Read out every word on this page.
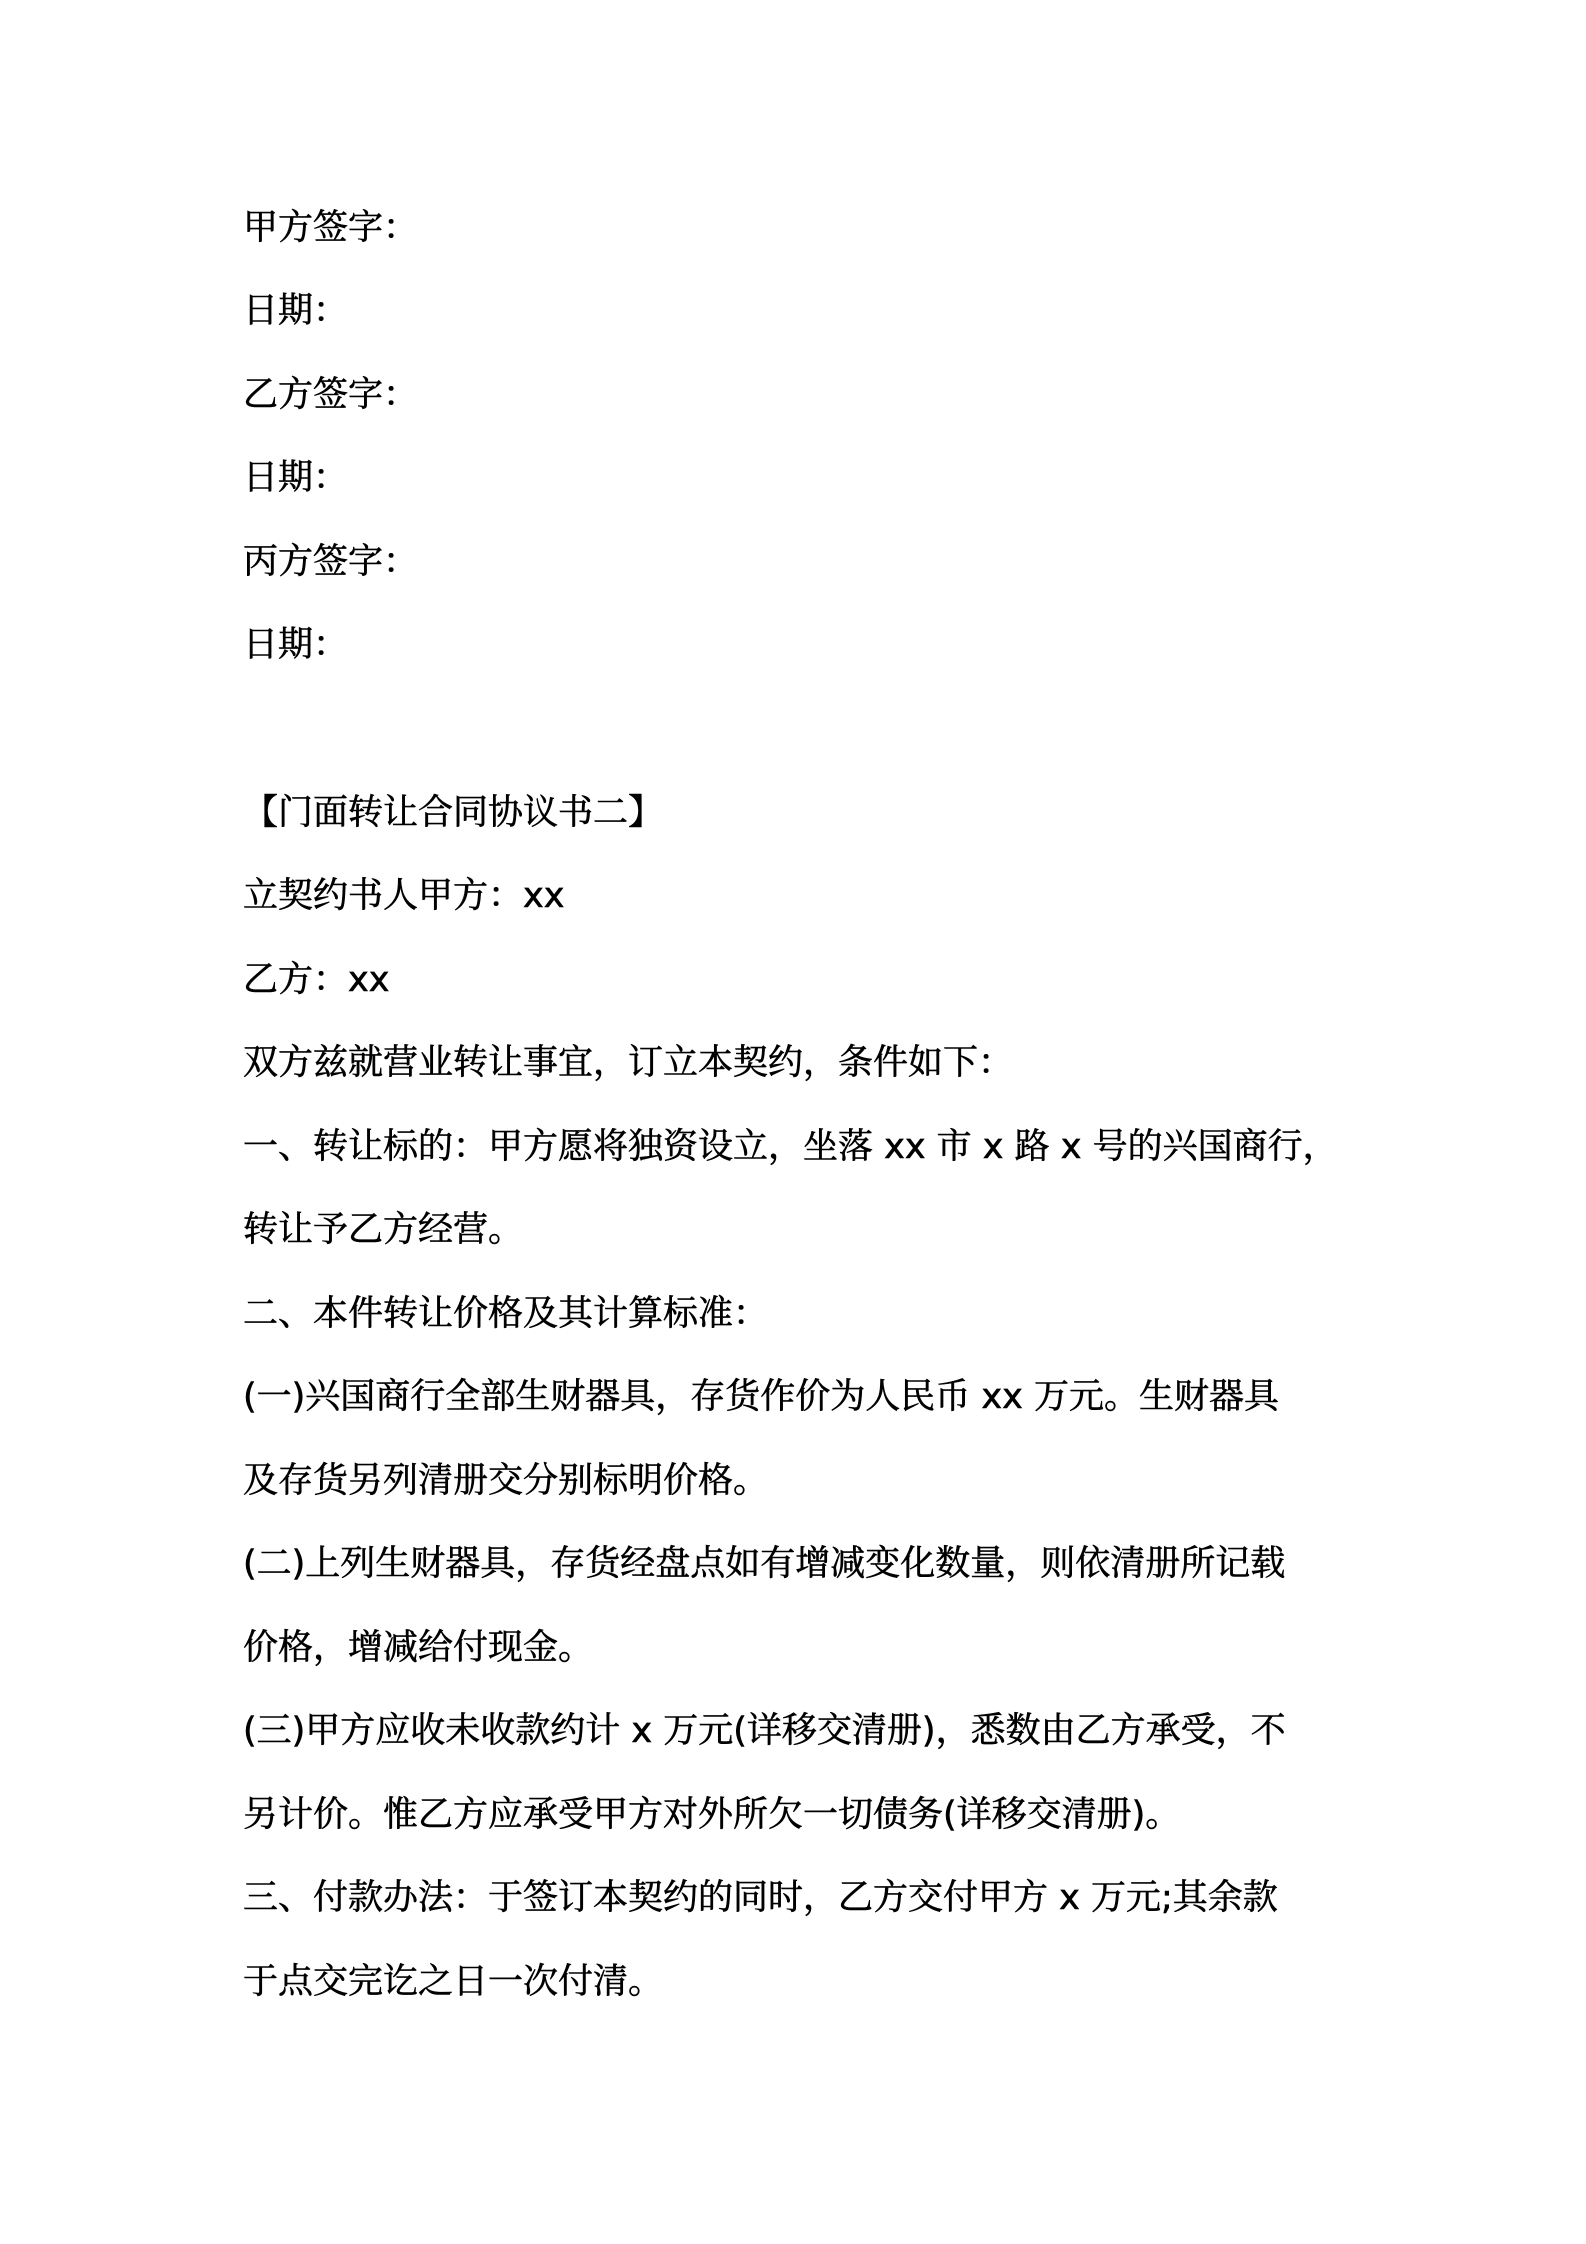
甲方签字：

日期：

乙方签字：

日期：

丙方签字：

日期：

【门面转让合同协议书二】

立契约书人甲方：xx

乙方：xx

双方兹就营业转让事宜，订立本契约，条件如下：

一、转让标的：甲方愿将独资设立，坐落 xx 市 x 路 x 号的兴国商行，

转让予乙方经营。

二、本件转让价格及其计算标准：

(一)兴国商行全部生财器具，存货作价为人民币 xx 万元。生财器具

及存货另列清册交分别标明价格。

(二)上列生财器具，存货经盘点如有增减变化数量，则依清册所记载

价格，增减给付现金。

(三)甲方应收未收款约计 x 万元(详移交清册)，悉数由乙方承受，不

另计价。惟乙方应承受甲方对外所欠一切债务(详移交清册)。

三、付款办法：于签订本契约的同时，乙方交付甲方 x 万元;其余款

于点交完讫之日一次付清。
